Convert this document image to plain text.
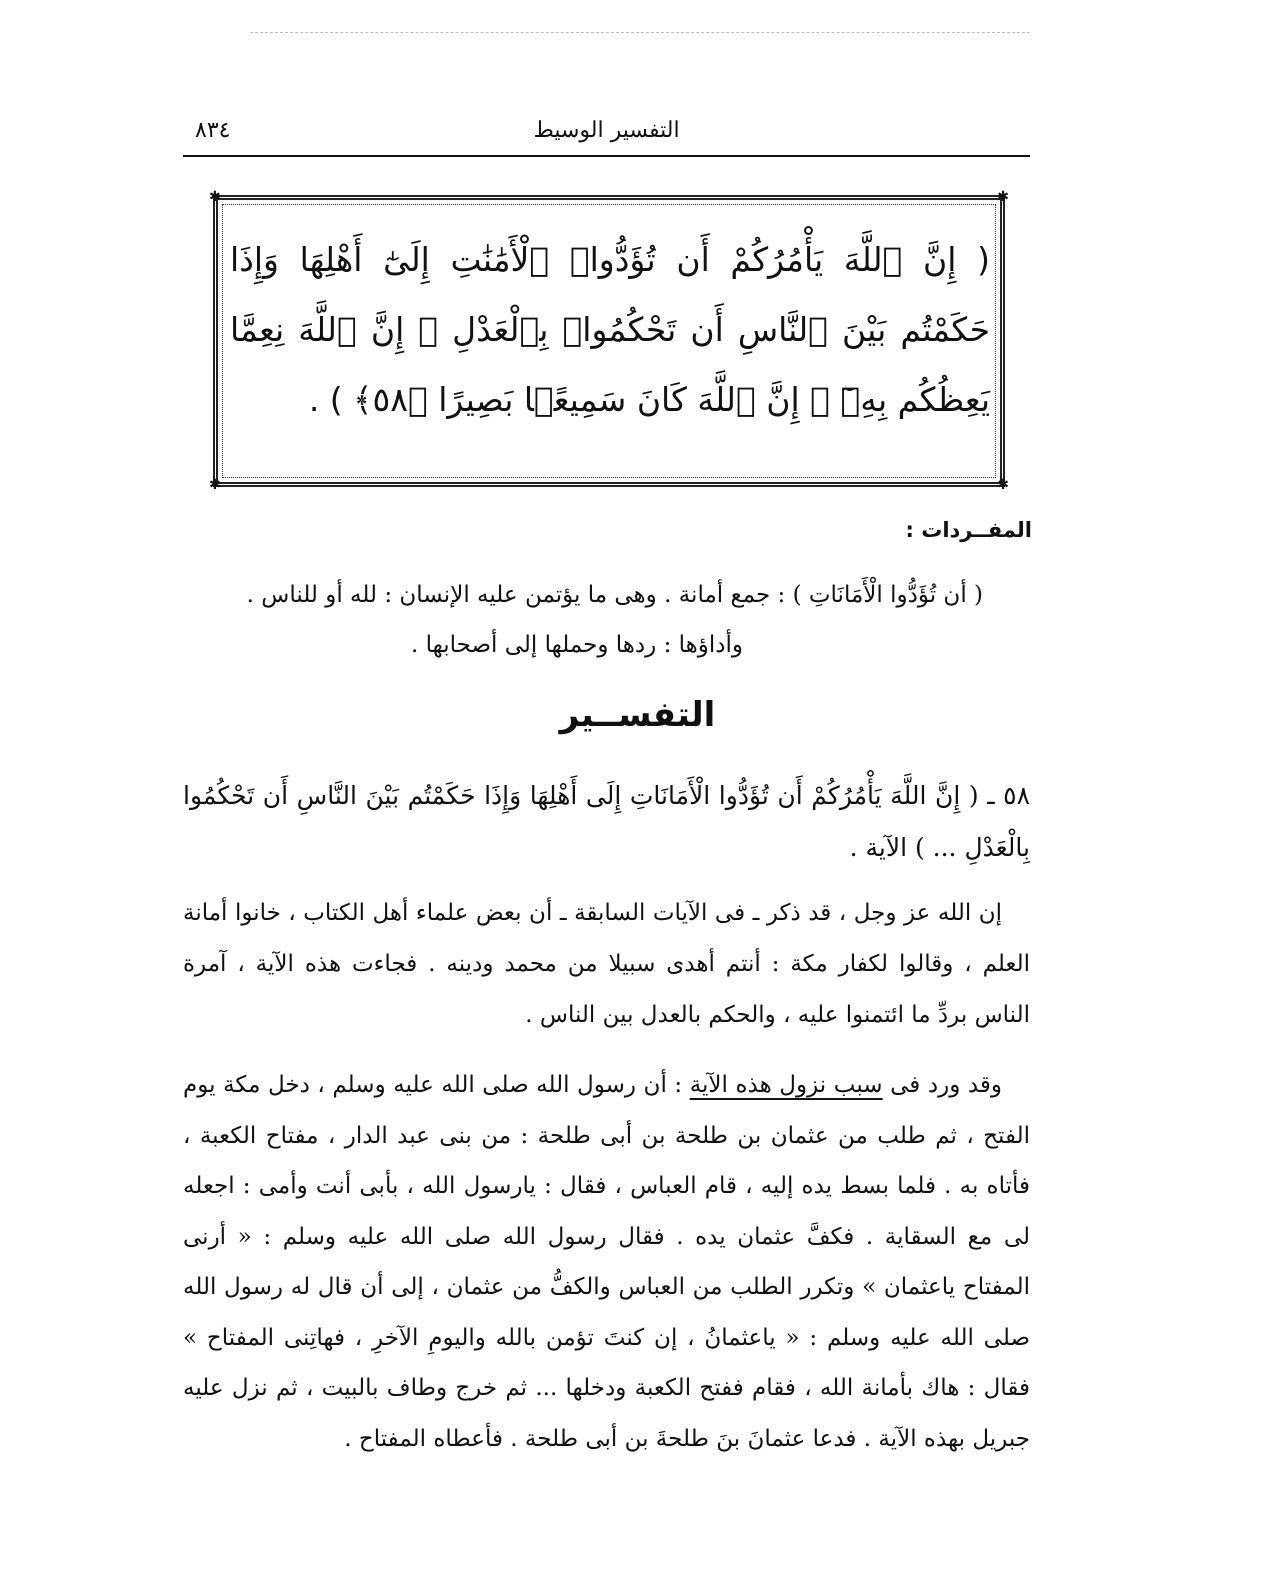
التفسير الوسيط
٨٣٤
✱	✱
✱	✱
( إِنَّ ٱللَّهَ يَأْمُرُكُمْ أَن تُؤَدُّوا۟ ٱلْأَمَٰنَٰتِ إِلَىٰٓ أَهْلِهَا وَإِذَا حَكَمْتُم بَيْنَ ٱلنَّاسِ أَن تَحْكُمُوا۟ بِٱلْعَدْلِ ۚ إِنَّ ٱللَّهَ نِعِمَّا يَعِظُكُم بِهِۦٓ ۗ إِنَّ ٱللَّهَ كَانَ سَمِيعًۢا بَصِيرًا ﴿٥٨﴾ ) .
المفــردات :
( أن تُؤَدُّوا الْأَمَانَاتِ ) : جمع أمانة . وهى ما يؤتمن عليه الإنسان : لله أو للناس .
وأداؤها : ردها وحملها إلى أصحابها .
التفســير
٥٨ ـ ( إِنَّ اللَّهَ يَأْمُرُكُمْ أَن تُؤَدُّوا الْأَمَانَاتِ إِلَى أَهْلِهَا وَإِذَا حَكَمْتُم بَيْنَ النَّاسِ أَن تَحْكُمُوا بِالْعَدْلِ ... ) الآية .
إن الله عز وجل ، قد ذكر ـ فى الآيات السابقة ـ أن بعض علماء أهل الكتاب ، خانوا أمانة العلم ، وقالوا لكفار مكة : أنتم أهدى سبيلا من محمد ودينه . فجاءت هذه الآية ، آمرة الناس بردِّ ما ائتمنوا عليه ، والحكم بالعدل بين الناس .
وقد ورد فى سبب نزول هذه الآية : أن رسول الله صلى الله عليه وسلم ، دخل مكة يوم الفتح ، ثم طلب من عثمان بن طلحة بن أبى طلحة : من بنى عبد الدار ، مفتاح الكعبة ، فأتاه به . فلما بسط يده إليه ، قام العباس ، فقال : يارسول الله ، بأبى أنت وأمى : اجعله لى مع السقاية . فكفَّ عثمان يده . فقال رسول الله صلى الله عليه وسلم : « أرنى المفتاح ياعثمان » وتكرر الطلب من العباس والكفُّ من عثمان ، إلى أن قال له رسول الله صلى الله عليه وسلم : « ياعثمانُ ، إن كنتَ تؤمن بالله واليومِ الآخرِ ، فهاتِنى المفتاح » فقال : هاك بأمانة الله ، فقام ففتح الكعبة ودخلها ... ثم خرج وطاف بالبيت ، ثم نزل عليه جبريل بهذه الآية . فدعا عثمانَ بنَ طلحةَ بن أبى طلحة . فأعطاه المفتاح .
